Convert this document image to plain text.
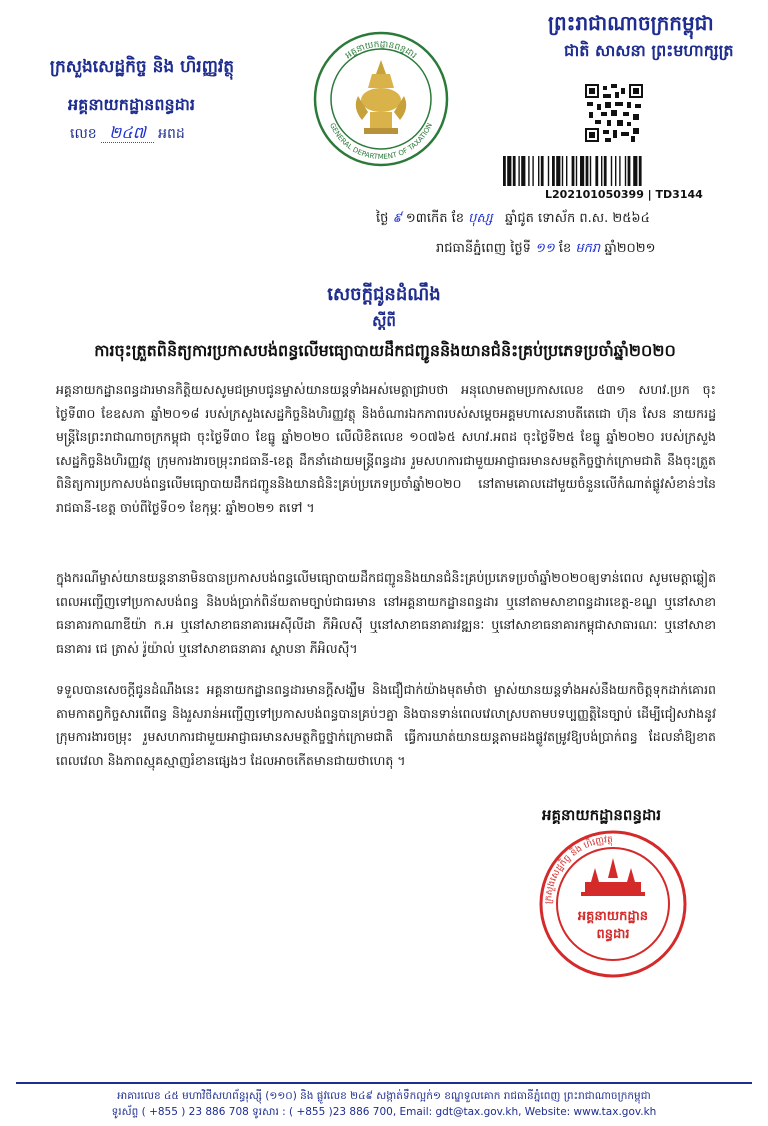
ក្រសួងសេដ្ឋកិច្ច និង ហិរញ្ញវត្ថុ
អគ្គនាយកដ្ឋានពន្ធដារ
លេខ ២៤៧ អពដ
អគ្គនាយកដ្ឋានពន្ធដារ
GENERAL DEPARTMENT OF TAXATION
ព្រះរាជាណាចក្រកម្ពុជា
ជាតិ សាសនា ព្រះមហាក្សត្រ
L202101050399 | TD3144
ថ្ងៃ ៩ ១៣កើត ខែ បុស្ស ឆ្នាំជូត ទោស័ក ព.ស. ២៥៦៤
រាជធានីភ្នំពេញ ថ្ងៃទី ១១ ខែ មករា ឆ្នាំ២០២១
សេចក្តីជូនដំណឹង
ស្តីពី
ការចុះត្រួតពិនិត្យការប្រកាសបង់ពន្ធលើមធ្យោបាយដឹកជញ្ជូននិងយានជំនិះគ្រប់ប្រភេទប្រចាំឆ្នាំ២០២០
អគ្គនាយកដ្ឋានពន្ធដារមានកិត្តិយសសូមជម្រាបជូនម្ចាស់យានយន្តទាំងអស់មេត្តាជ្រាបថា អនុលោមតាមប្រកាសលេខ ៥៣១ សហវ.ប្រក ចុះថ្ងៃទី៣០ ខែឧសភា ឆ្នាំ២០១៨ របស់ក្រសួងសេដ្ឋកិច្ចនិងហិរញ្ញវត្ថុ និងចំណារឯកភាពរបស់សម្តេចអគ្គមហាសេនាបតីតេជោ ហ៊ុន សែន នាយករដ្ឋមន្ត្រីនៃព្រះរាជាណាចក្រកម្ពុជា ចុះថ្ងៃទី៣០ ខែធ្នូ ឆ្នាំ២០២០ លើលិខិតលេខ ១០៧៦៥ សហវ.អពដ ចុះថ្ងៃទី២៥ ខែធ្នូ ឆ្នាំ២០២០ របស់ក្រសួងសេដ្ឋកិច្ចនិងហិរញ្ញវត្ថុ ក្រុមការងារចម្រុះរាជធានី-ខេត្ត ដឹកនាំដោយមន្ត្រីពន្ធដារ រួមសហការជាមួយអាជ្ញាធរមានសមត្ថកិច្ចថ្នាក់ក្រោមជាតិ នឹងចុះត្រួតពិនិត្យការប្រកាសបង់ពន្ធលើមធ្យោបាយដឹកជញ្ជូននិងយានជំនិះគ្រប់ប្រភេទប្រចាំឆ្នាំ២០២០ នៅតាមគោលដៅមួយចំនួនលើកំណាត់ផ្លូវសំខាន់ៗនៃរាជធានី-ខេត្ត ចាប់ពីថ្ងៃទី០១ ខែកុម្ភៈ ឆ្នាំ២០២១ តទៅ ។
ក្នុងករណីម្ចាស់យានយន្តនានាមិនបានប្រកាសបង់ពន្ធលើមធ្យោបាយដឹកជញ្ជូននិងយានជំនិះគ្រប់ប្រភេទប្រចាំឆ្នាំ២០២០ឲ្យទាន់ពេល សូមមេត្តាឆ្លៀតពេលអញ្ជើញទៅប្រកាសបង់ពន្ធ និងបង់ប្រាក់ពិន័យតាមច្បាប់ជាធរមាន នៅអគ្គនាយកដ្ឋានពន្ធដារ ឬនៅតាមសាខាពន្ធដារខេត្ត-ខណ្ឌ ឬនៅសាខាធនាគារកាណាឌីយ៉ា ក.អ ឬនៅសាខាធនាគារអេស៊ីលីដា ភីអិលស៊ី ឬនៅសាខាធនាគារវឌ្ឍនៈ ឬនៅសាខាធនាគារកម្ពុជាសាធារណៈ ឬនៅសាខាធនាគារ ជេ ត្រាស់ រ៉ូយ៉ាល់ ឬនៅសាខាធនាគារ ស្ថាបនា ភីអិលស៊ី។
ទទួលបានសេចក្តីជូនដំណឹងនេះ អគ្គនាយកដ្ឋានពន្ធដារមានក្តីសង្ឃឹម និងជឿជាក់យ៉ាងមុតមាំថា ម្ចាស់យានយន្តទាំងអស់នឹងយកចិត្តទុកដាក់គោរពតាមកាតព្វកិច្ចសារពើពន្ធ និងរួសរាន់អញ្ជើញទៅប្រកាសបង់ពន្ធបានគ្រប់ៗគ្នា និងបានទាន់ពេលវេលាស្របតាមបទប្បញ្ញត្តិនៃច្បាប់ ដើម្បីជៀសវាងនូវក្រុមការងារចម្រុះ រួមសហការជាមួយអាជ្ញាធរមានសមត្ថកិច្ចថ្នាក់ក្រោមជាតិ ធ្វើការឃាត់យានយន្តតាមដងផ្លូវតម្រូវឱ្យបង់ប្រាក់ពន្ធ ដែលនាំឱ្យខាតពេលវេលា និងភាពស្មុគស្មាញរំខានផ្សេងៗ ដែលអាចកើតមានជាយថាហេតុ ។
អគ្គនាយកដ្ឋានពន្ធដារ
ក្រសួងសេដ្ឋកិច្ច និង ហិរញ្ញវត្ថុ
អគ្គនាយកដ្ឋាន
ពន្ធដារ
អាគារលេខ ៤៥ មហាវិថីសហព័ន្ធរុស្ស៊ី (១១០) និង ផ្លូវលេខ ២៤៩ សង្កាត់ទឹកល្អក់១ ខណ្ឌទួលគោក រាជធានីភ្នំពេញ ព្រះរាជាណាចក្រកម្ពុជា
ទូរស័ព្ទ ( +855 ) 23 886 708 ទូរសារ : ( +855 )23 886 700, Email: gdt@tax.gov.kh, Website: www.tax.gov.kh
